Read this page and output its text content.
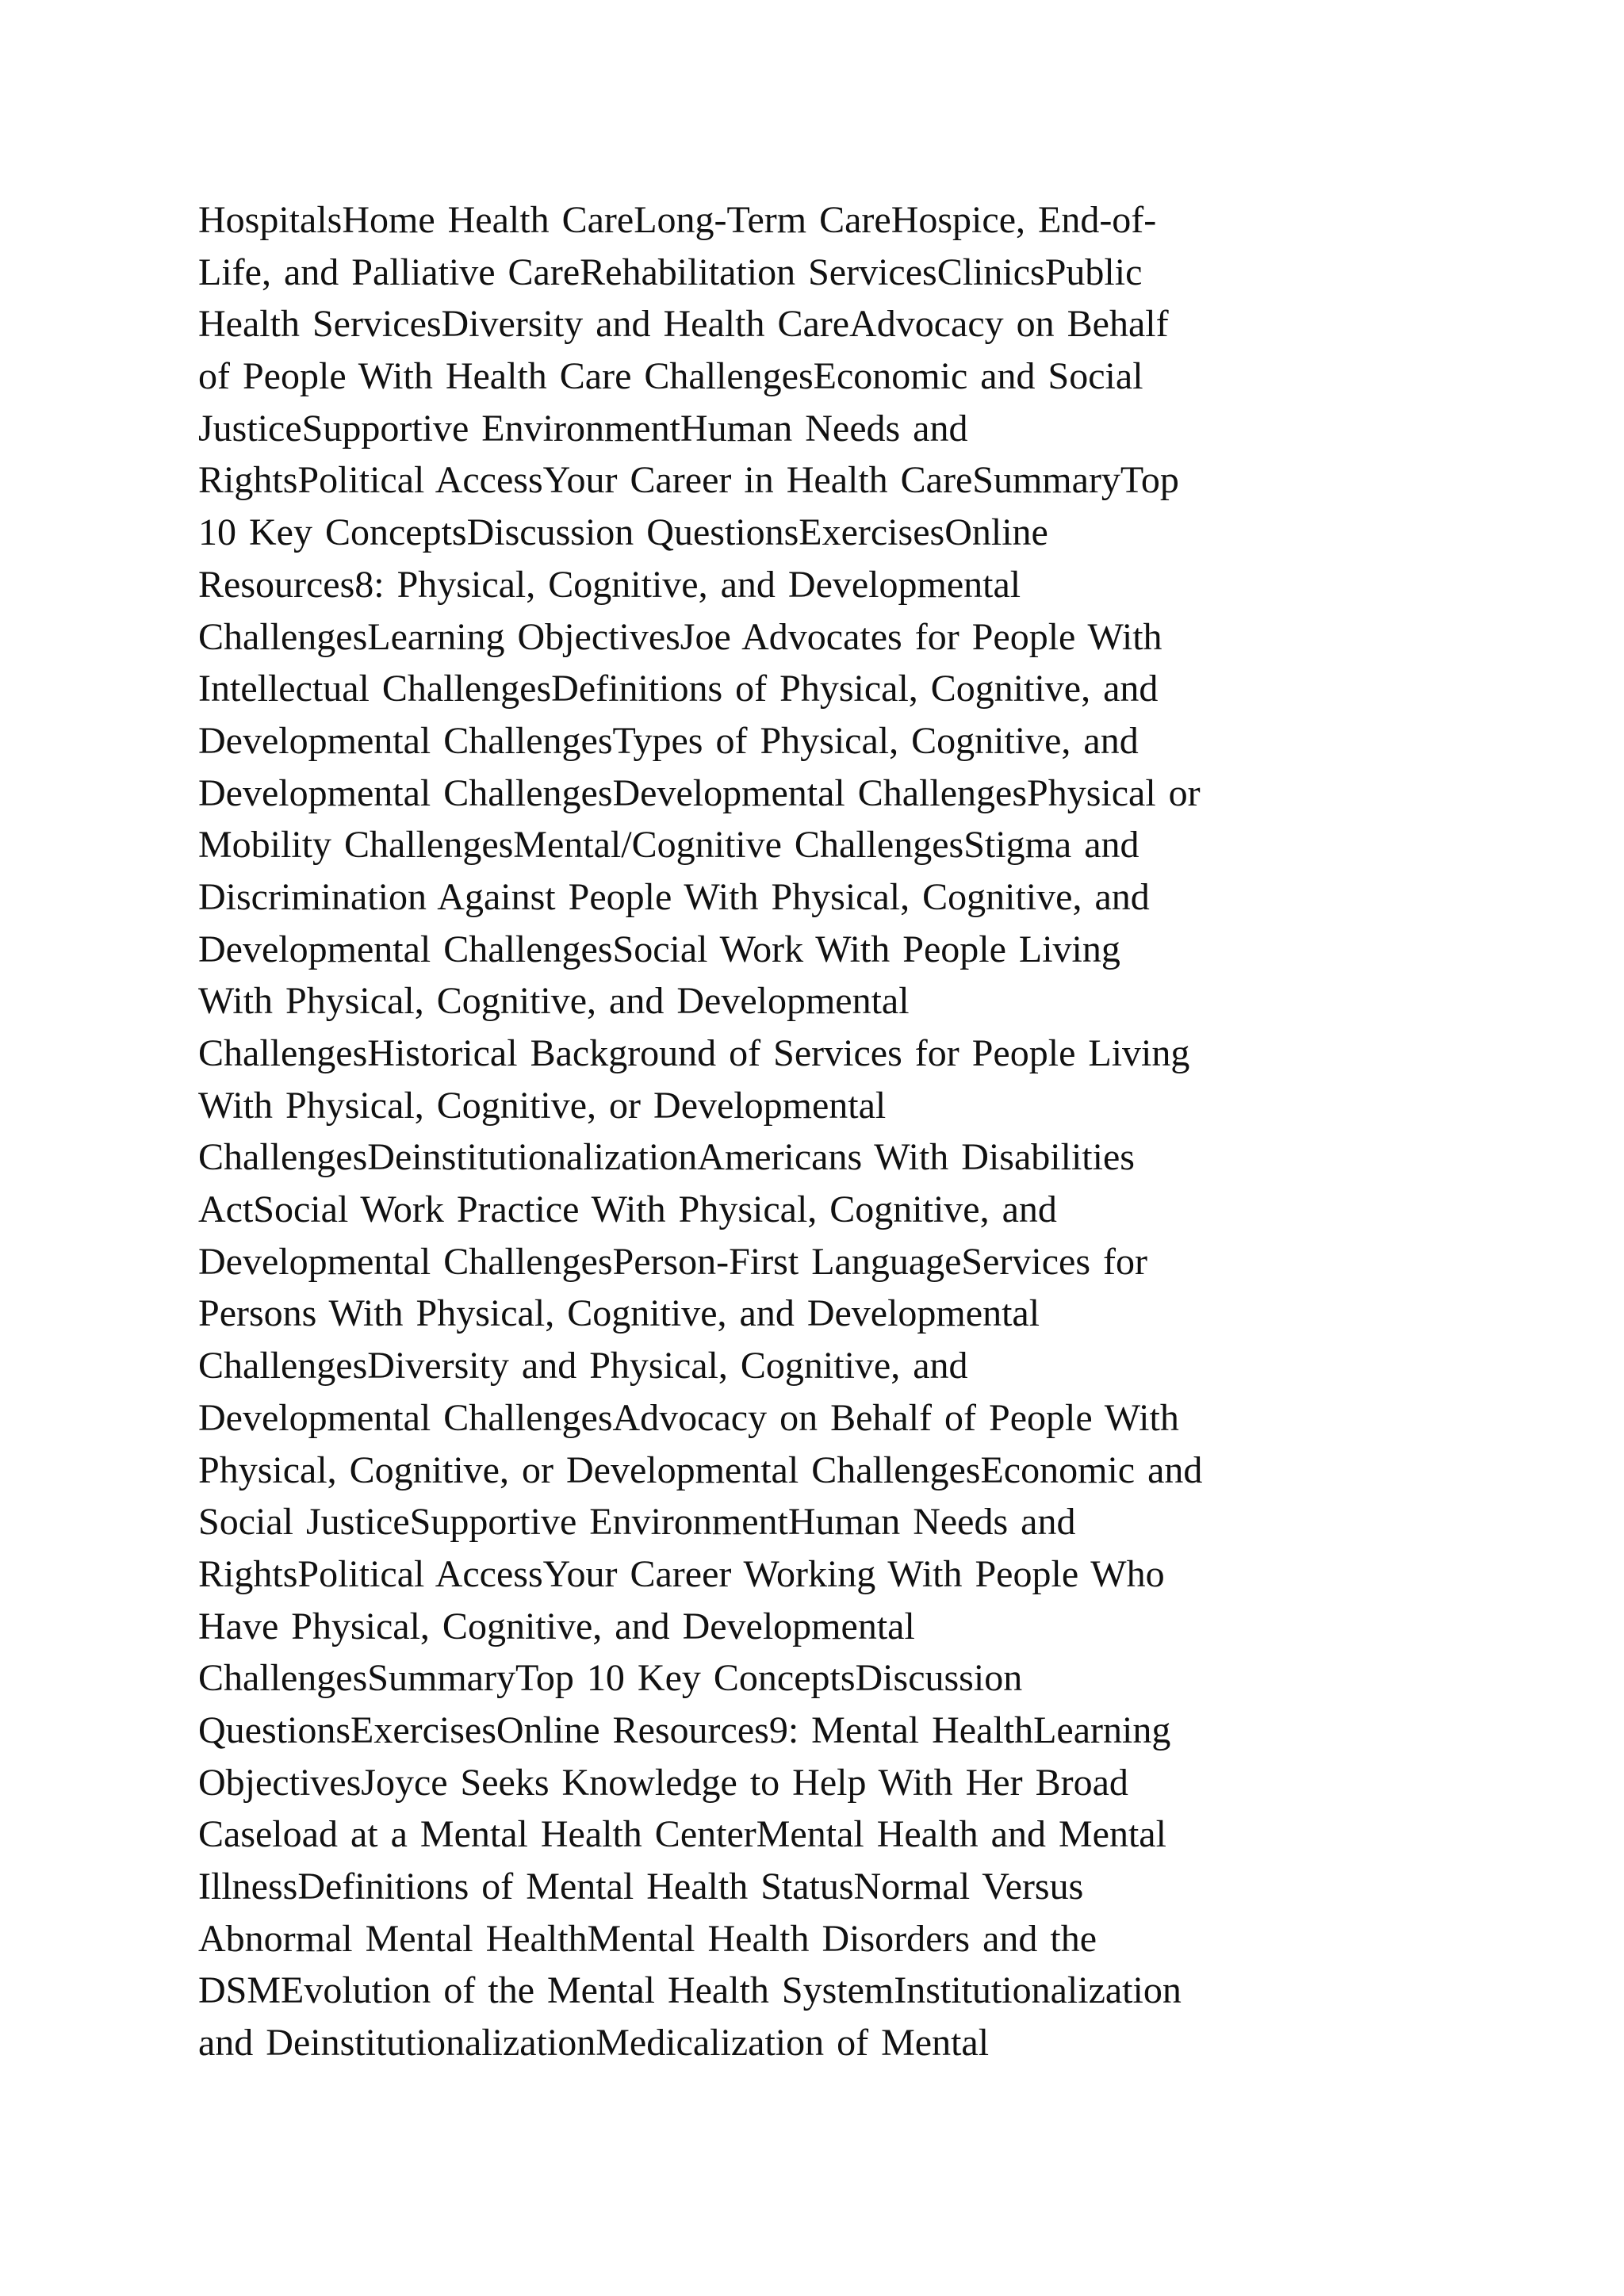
HospitalsHome Health CareLong-Term CareHospice, End-of-
Life, and Palliative CareRehabilitation ServicesClinicsPublic
Health ServicesDiversity and Health CareAdvocacy on Behalf
of People With Health Care ChallengesEconomic and Social
JusticeSupportive EnvironmentHuman Needs and
RightsPolitical AccessYour Career in Health CareSummaryTop
10 Key ConceptsDiscussion QuestionsExercisesOnline
Resources8: Physical, Cognitive, and Developmental
ChallengesLearning ObjectivesJoe Advocates for People With
Intellectual ChallengesDefinitions of Physical, Cognitive, and
Developmental ChallengesTypes of Physical, Cognitive, and
Developmental ChallengesDevelopmental ChallengesPhysical or
Mobility ChallengesMental/Cognitive ChallengesStigma and
Discrimination Against People With Physical, Cognitive, and
Developmental ChallengesSocial Work With People Living
With Physical, Cognitive, and Developmental
ChallengesHistorical Background of Services for People Living
With Physical, Cognitive, or Developmental
ChallengesDeinstitutionalizationAmericans With Disabilities
ActSocial Work Practice With Physical, Cognitive, and
Developmental ChallengesPerson-First LanguageServices for
Persons With Physical, Cognitive, and Developmental
ChallengesDiversity and Physical, Cognitive, and
Developmental ChallengesAdvocacy on Behalf of People With
Physical, Cognitive, or Developmental ChallengesEconomic and
Social JusticeSupportive EnvironmentHuman Needs and
RightsPolitical AccessYour Career Working With People Who
Have Physical, Cognitive, and Developmental
ChallengesSummaryTop 10 Key ConceptsDiscussion
QuestionsExercisesOnline Resources9: Mental HealthLearning
ObjectivesJoyce Seeks Knowledge to Help With Her Broad
Caseload at a Mental Health CenterMental Health and Mental
IllnessDefinitions of Mental Health StatusNormal Versus
Abnormal Mental HealthMental Health Disorders and the
DSMEvolution of the Mental Health SystemInstitutionalization
and DeinstitutionalizationMedicalization of Mental
